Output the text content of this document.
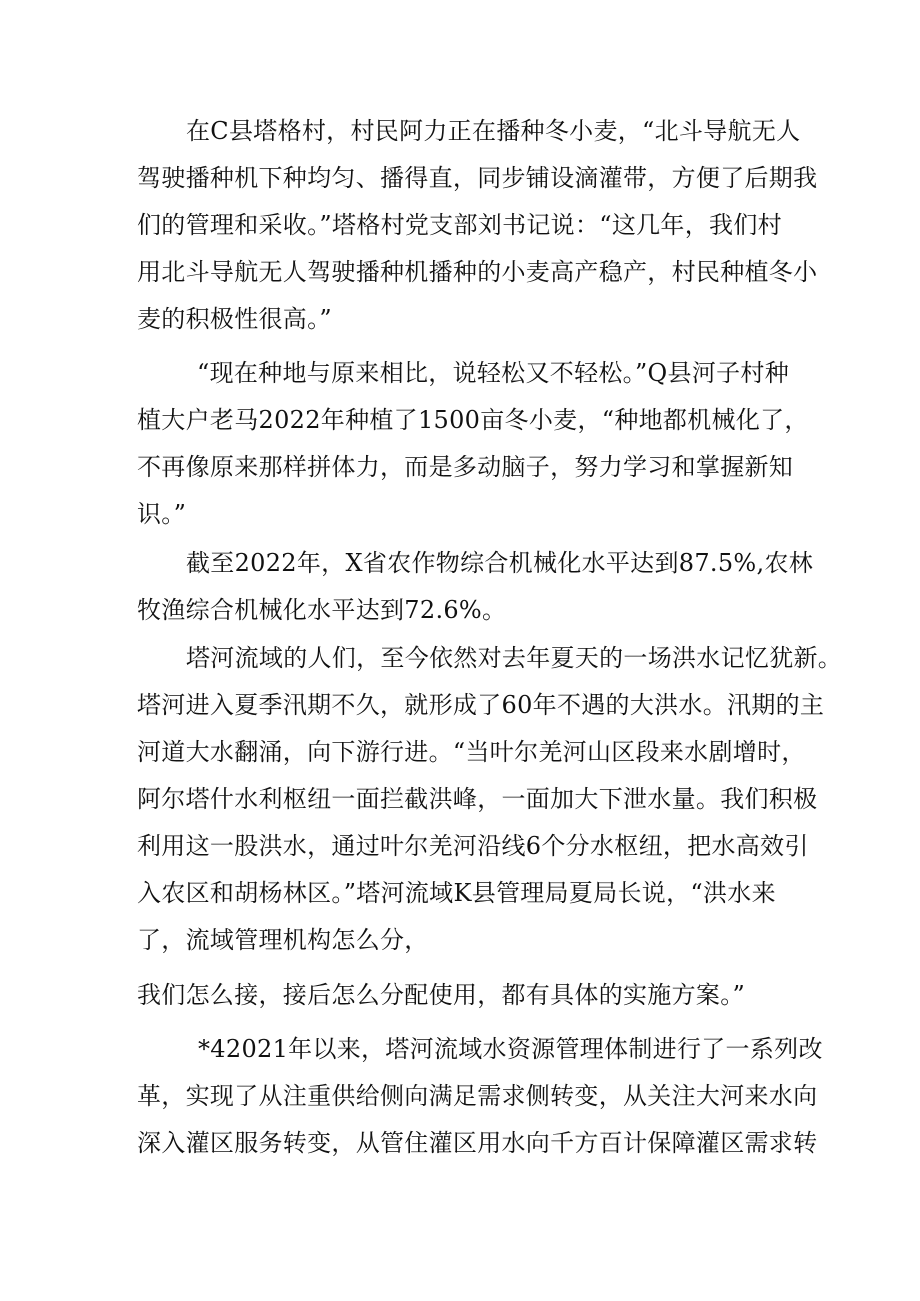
在C县塔格村，村民阿力正在播种冬小麦，“北斗导航无人

驾驶播种机下种均匀、播得直，同步铺设滴灌带，方便了后期我

们的管理和采收。”塔格村党支部刘书记说：“这几年，我们村

用北斗导航无人驾驶播种机播种的小麦高产稳产，村民种植冬小

麦的积极性很高。”

“现在种地与原来相比，说轻松又不轻松。”Q县河子村种

植大户老马2022年种植了1500亩冬小麦，“种地都机械化了，

不再像原来那样拼体力，而是多动脑子，努力学习和掌握新知

识。”

截至2022年，X省农作物综合机械化水平达到87.5%,农林

牧渔综合机械化水平达到72.6%。

塔河流域的人们，至今依然对去年夏天的一场洪水记忆犹新。

塔河进入夏季汛期不久，就形成了60年不遇的大洪水。汛期的主

河道大水翻涌，向下游行进。“当叶尔羌河山区段来水剧增时，

阿尔塔什水利枢纽一面拦截洪峰，一面加大下泄水量。我们积极

利用这一股洪水，通过叶尔羌河沿线6个分水枢纽，把水高效引

入农区和胡杨林区。”塔河流域K县管理局夏局长说，“洪水来

了，流域管理机构怎么分，

我们怎么接，接后怎么分配使用，都有具体的实施方案。”

*42021年以来，塔河流域水资源管理体制进行了一系列改

革，实现了从注重供给侧向满足需求侧转变，从关注大河来水向

深入灌区服务转变，从管住灌区用水向千方百计保障灌区需求转
